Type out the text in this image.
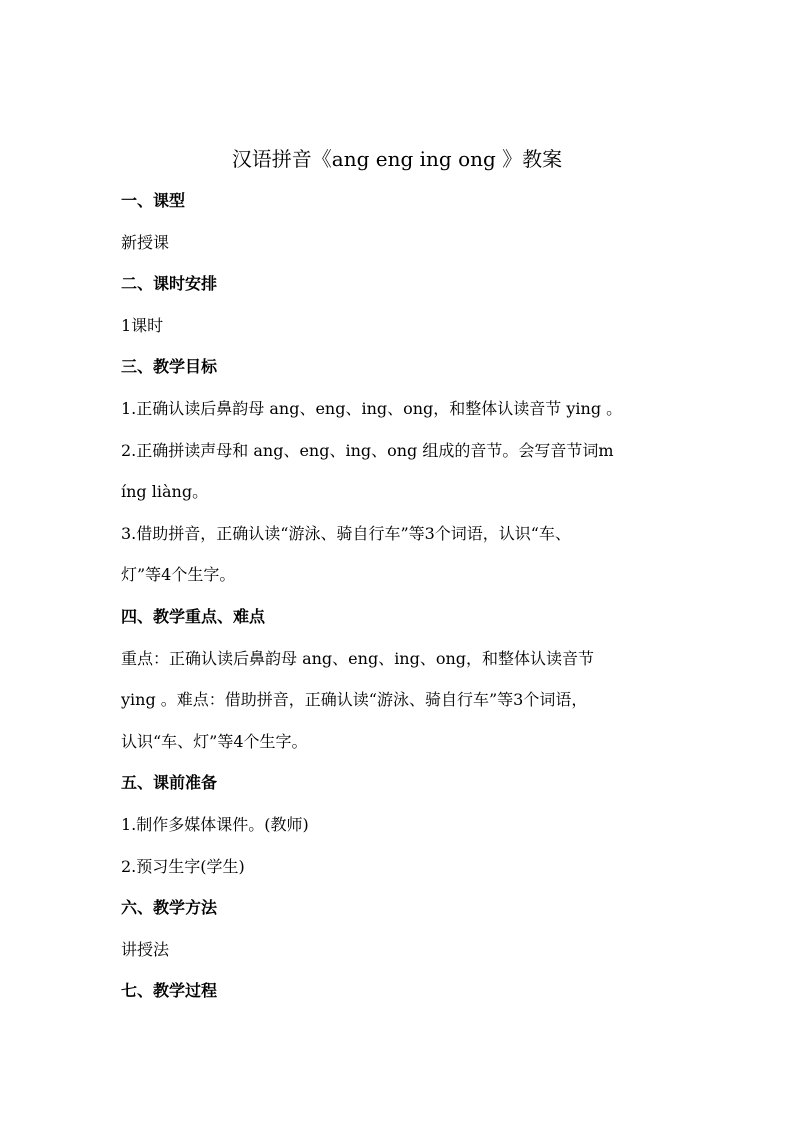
汉语拼音《ang eng ing ong 》教案
一、课型
新授课
二、课时安排
1课时
三、教学目标
1.正确认读后鼻韵母 ang、eng、ing、ong，和整体认读音节 ying 。
2.正确拼读声母和 ang、eng、ing、ong 组成的音节。会写音节词m
íng liàng。
3.借助拼音，正确认读“游泳、骑自行车”等3个词语，认识“车、
灯”等4个生字。
四、教学重点、难点
重点：正确认读后鼻韵母 ang、eng、ing、ong，和整体认读音节
ying 。难点：借助拼音，正确认读“游泳、骑自行车”等3个词语，
认识“车、灯”等4个生字。
五、课前准备
1.制作多媒体课件。(教师)
2.预习生字(学生)
六、教学方法
讲授法
七、教学过程
